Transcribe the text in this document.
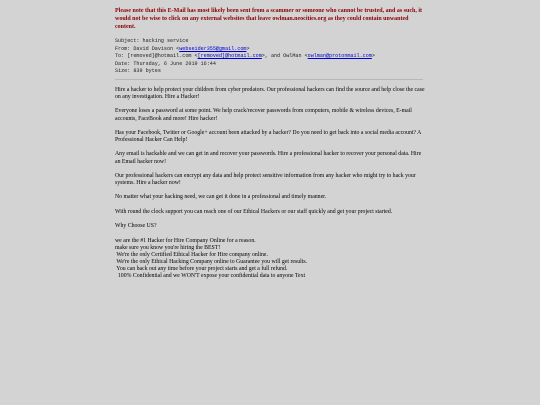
Please note that this E-Mail has most likely been sent from a scammer or someone who cannot be trusted, and as such, it would not be wise to click on any external websites that leave owlman.neocities.org as they could contain unwanted content.
Subject: hacking service
From: David Davison <webseider355@gmail.com>
To: [removed]@hotmail.com <[removed]@hotmail.com>, and OwlMan <owlman@protonmail.com>
Date: Thursday, 6 June 2019 16:44
Size: 839 bytes

Hire a hacker to help protect your children from cyber predators. Our professional hackers can find the source and help close the case on any investigation. Hire a Hacker!

Everyone loses a password at some point. We help crack/recover passwords from computers, mobile & wireless devices, E-mail accounts, FaceBook and more! Hire hacker!

Has your Facebook, Twitter or Google+ account been attacked by a hacker? Do you need to get back into a social media account? A Professional Hacker Can Help!

Any email is hackable and we can get in and recover your passwords. Hire a professional hacker to recover your personal data. Hire an Email hacker now!

Our professional hackers can encrypt any data and help protect sensitive information from any hacker who might try to hack your systems. Hire a hacker now!

No matter what your hacking need, we can get it done in a professional and timely manner.

With round the clock support you can reach one of our Ethical Hackers or our staff quickly and get your project started.

Why Choose US?

we are the #1 Hacker for Hire Company Online for a reason.
make sure you know you're hiring the BEST!
We're the only Certified Ethical Hacker for Hire company online.
We're the only Ethical Hacking Company online to Guarantee you will get results.
You can back out any time before your project starts and get a full refund.
100% Confidential and we WON'T expose your confidential data to anyone Text
